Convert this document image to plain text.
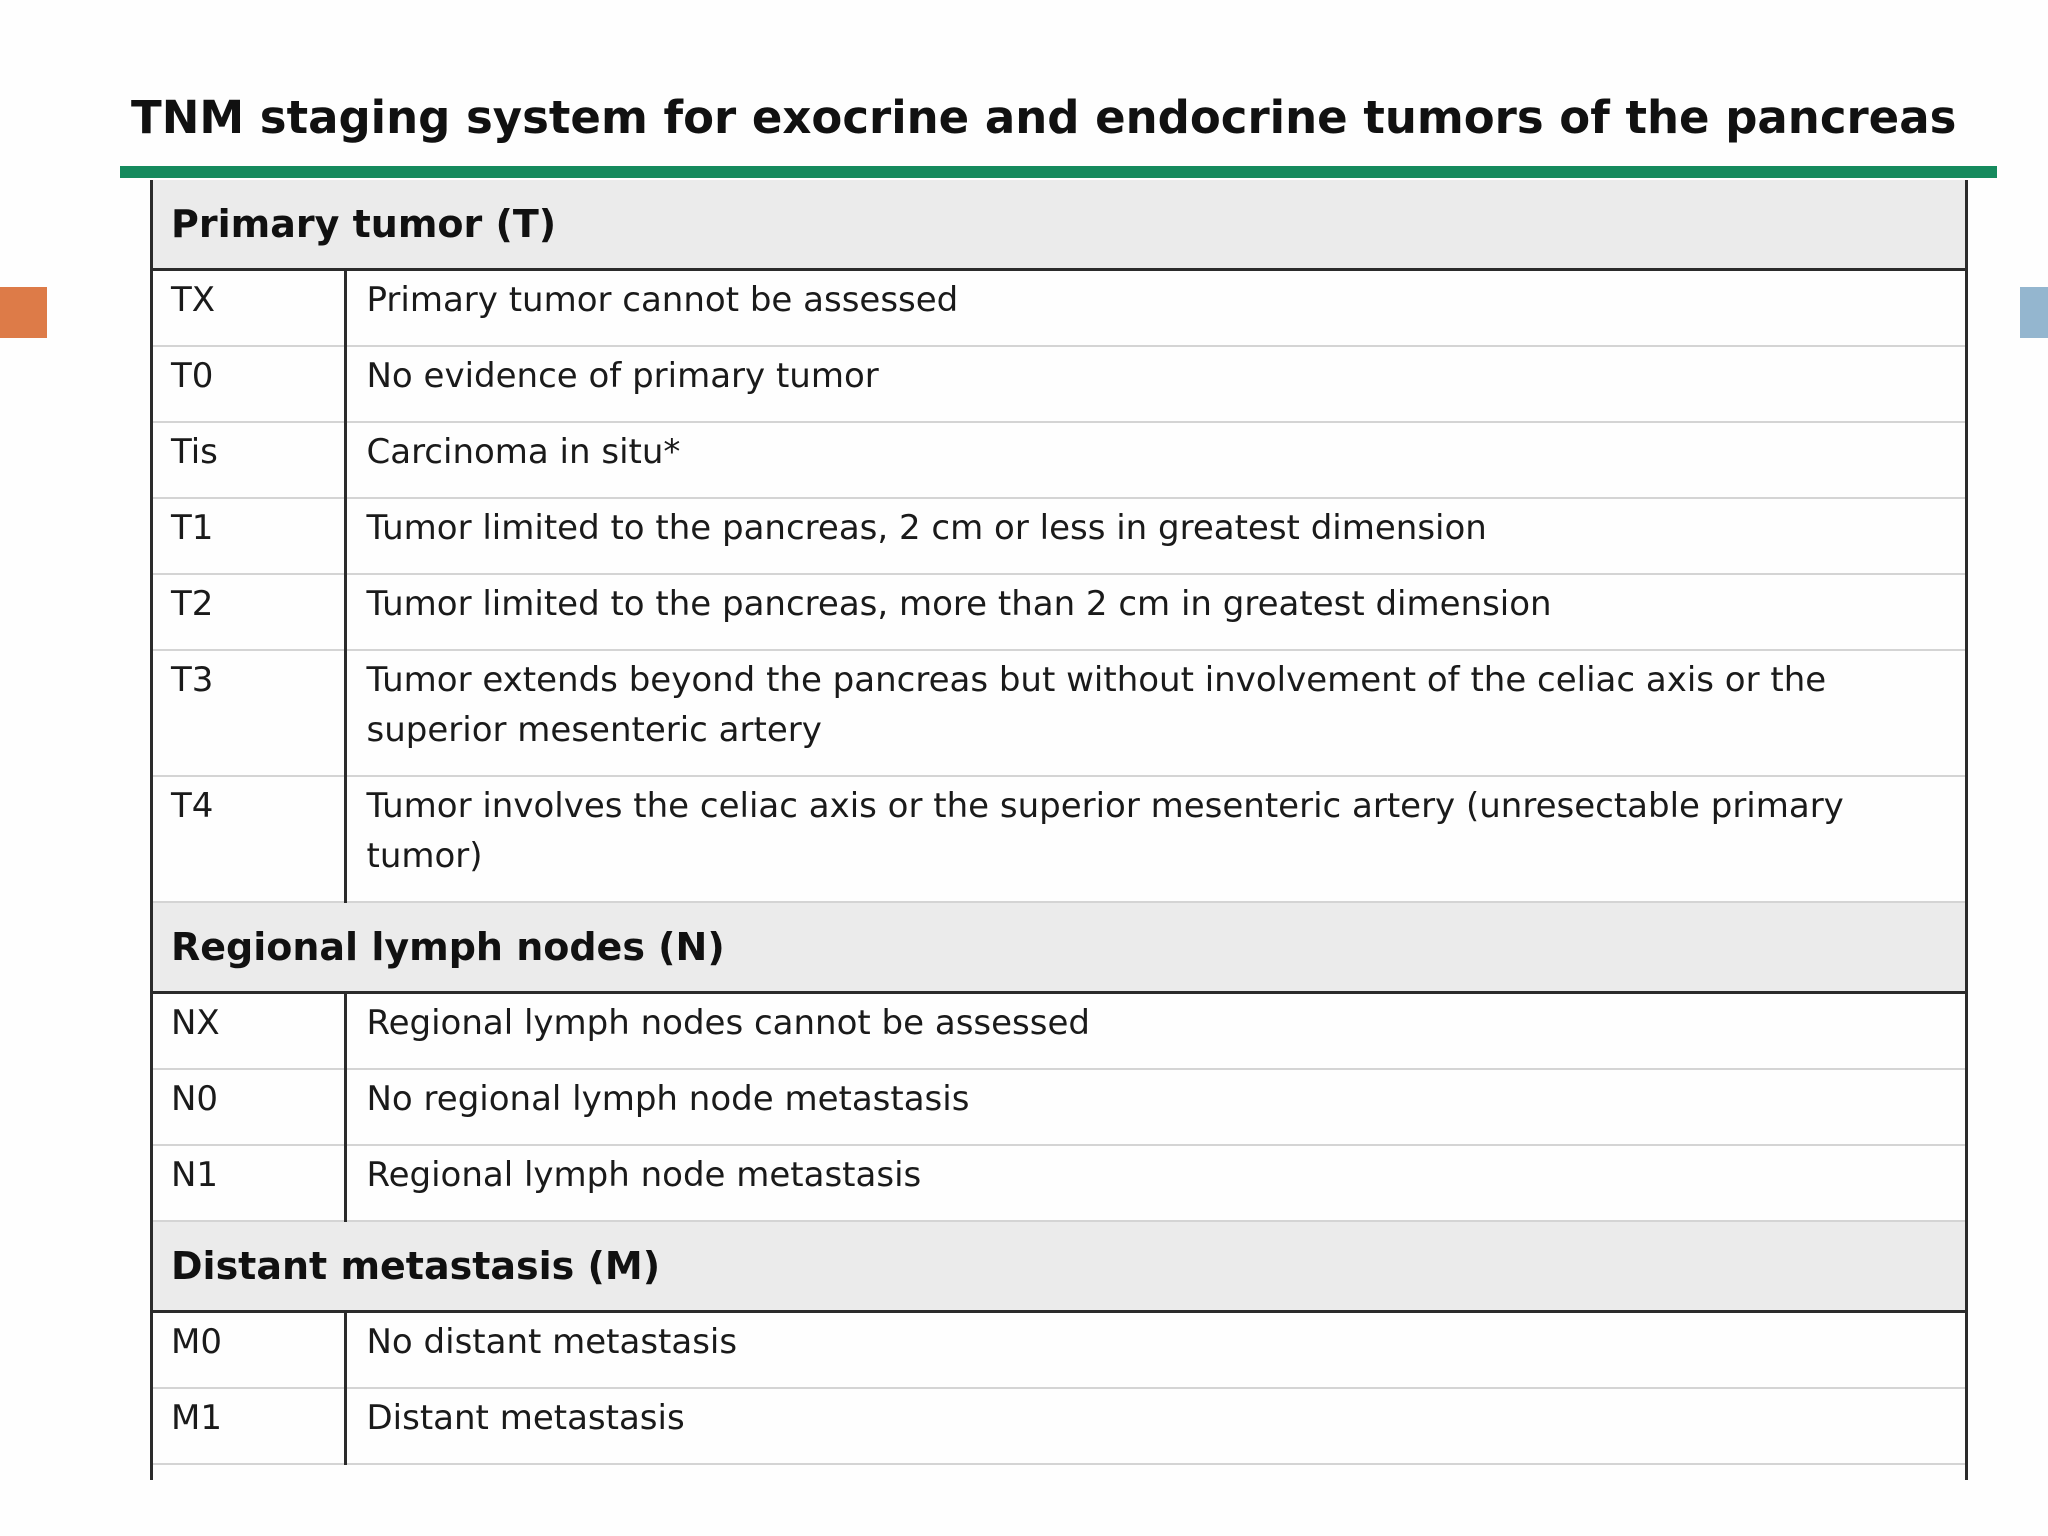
TNM staging system for exocrine and endocrine tumors of the pancreas
Primary tumor (T)	
TX	Primary tumor cannot be assessed
T0	No evidence of primary tumor
Tis	Carcinoma in situ*
T1	Tumor limited to the pancreas, 2 cm or less in greatest dimension
T2	Tumor limited to the pancreas, more than 2 cm in greatest dimension
T3	Tumor extends beyond the pancreas but without involvement of the celiac axis or the superior mesenteric artery
T4	Tumor involves the celiac axis or the superior mesenteric artery (unresectable primary tumor)
Regional lymph nodes (N)	
NX	Regional lymph nodes cannot be assessed
N0	No regional lymph node metastasis
N1	Regional lymph node metastasis
Distant metastasis (M)	
M0	No distant metastasis
M1	Distant metastasis
